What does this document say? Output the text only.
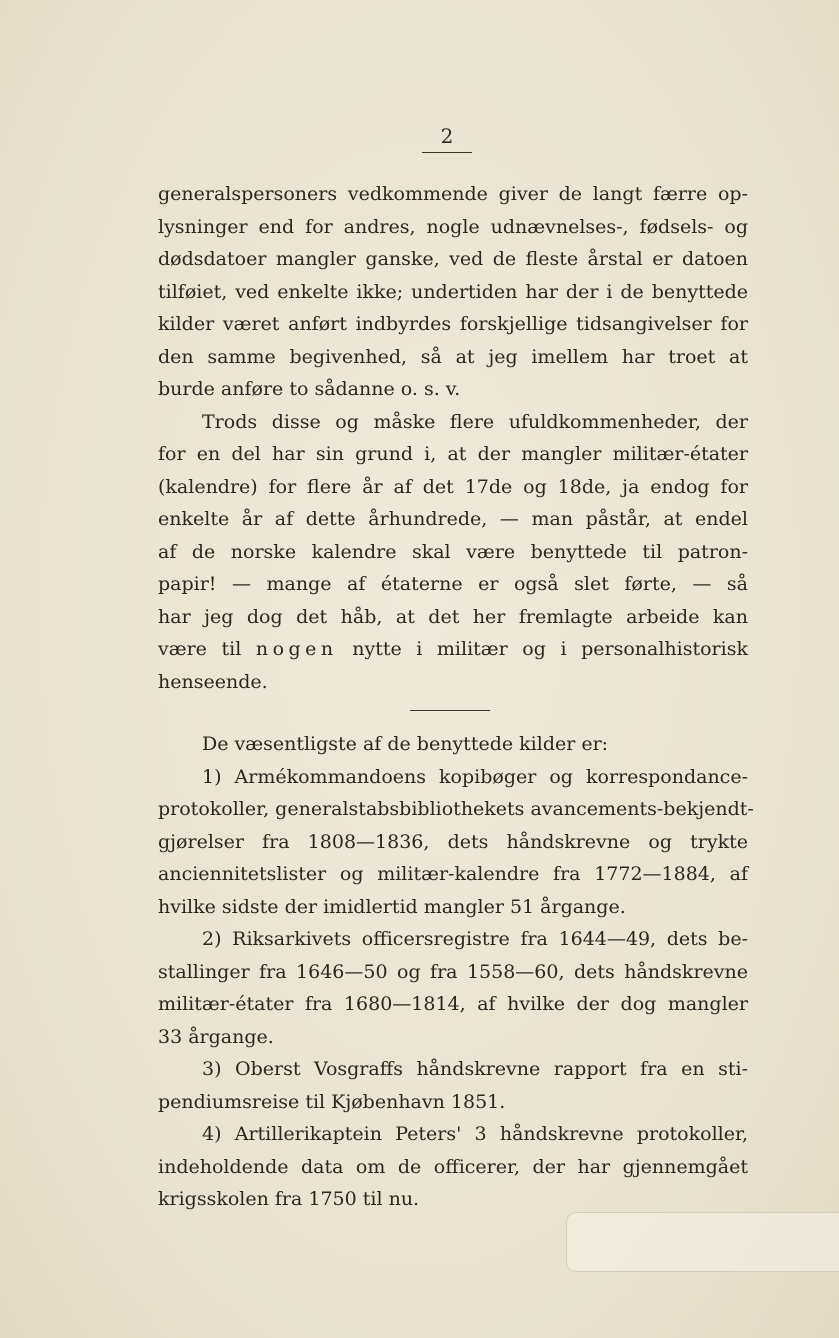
2
generalspersoners vedkommende giver de langt færre op-
lysninger end for andres, nogle udnævnelses-, fødsels- og
dødsdatoer mangler ganske, ved de fleste årstal er datoen
tilføiet, ved enkelte ikke; undertiden har der i de benyttede
kilder været anført indbyrdes forskjellige tidsangivelser for
den samme begivenhed, så at jeg imellem har troet at
burde anføre to sådanne o. s. v.
Trods disse og måske flere ufuldkommenheder, der
for en del har sin grund i, at der mangler militær-étater
(kalendre) for flere år af det 17de og 18de, ja endog for
enkelte år af dette århundrede, — man påstår, at endel
af de norske kalendre skal være benyttede til patron-
papir! — mange af étaterne er også slet førte, — så
har jeg dog det håb, at det her fremlagte arbeide kan
være til nogen nytte i militær og i personalhistorisk
henseende.
De væsentligste af de benyttede kilder er:
1) Armékommandoens kopibøger og korrespondance-
protokoller, generalstabsbibliothekets avancements-bekjendt-
gjørelser fra 1808—1836, dets håndskrevne og trykte
anciennitetslister og militær-kalendre fra 1772—1884, af
hvilke sidste der imidlertid mangler 51 årgange.
2) Riksarkivets officersregistre fra 1644—49, dets be-
stallinger fra 1646—50 og fra 1558—60, dets håndskrevne
militær-étater fra 1680—1814, af hvilke der dog mangler
33 årgange.
3) Oberst Vosgraffs håndskrevne rapport fra en sti-
pendiumsreise til Kjøbenhavn 1851.
4) Artillerikaptein Peters' 3 håndskrevne protokoller,
indeholdende data om de officerer, der har gjennemgået
krigsskolen fra 1750 til nu.
